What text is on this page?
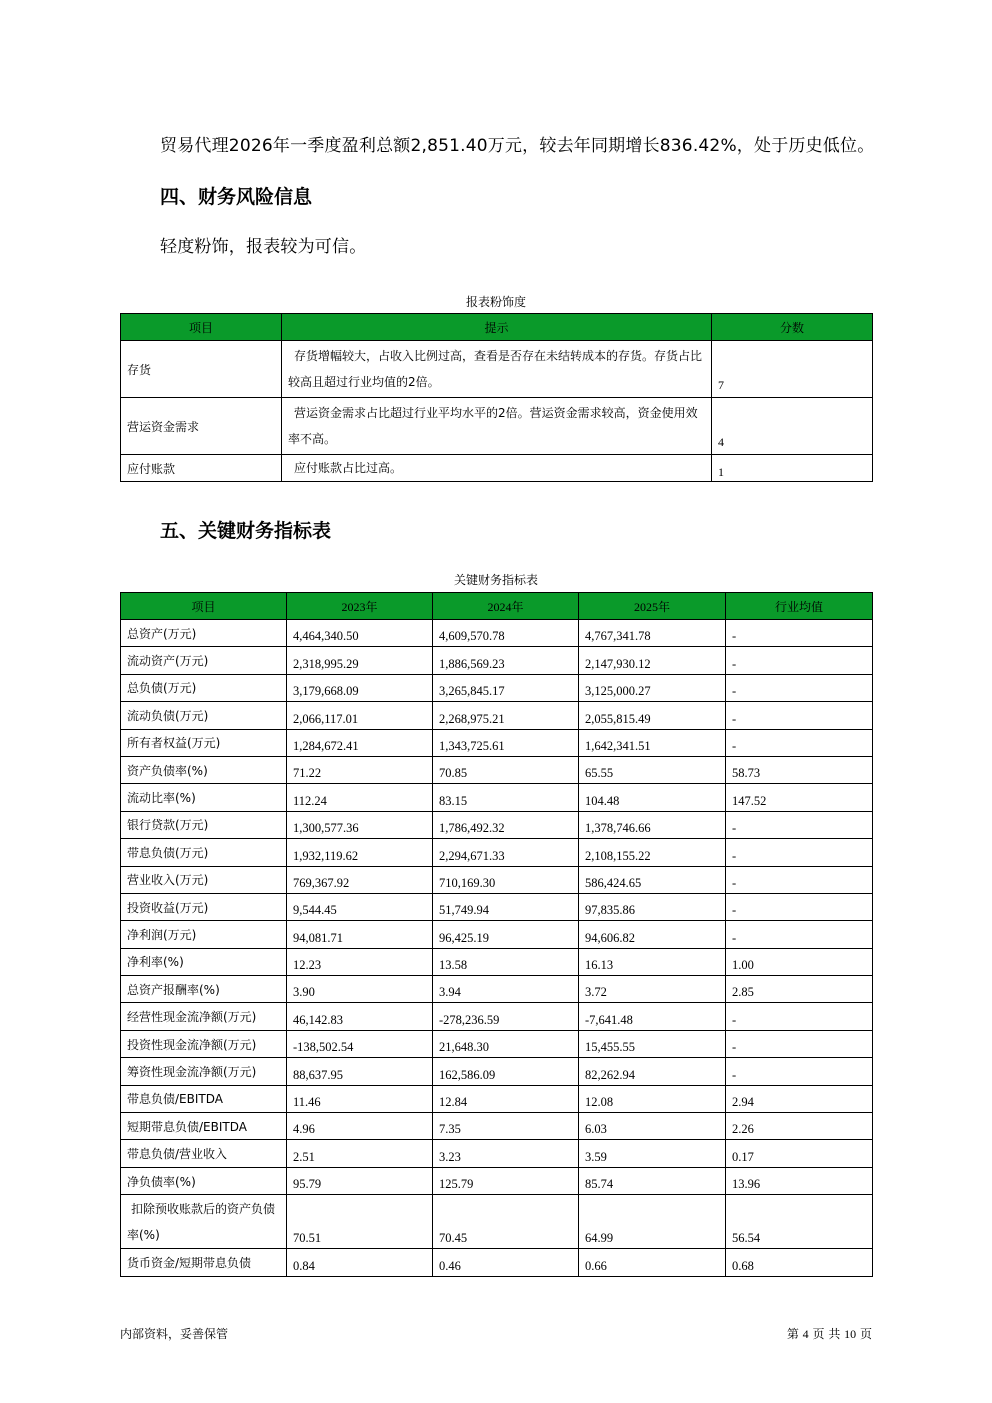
贸易代理2026年一季度盈利总额2,851.40万元，较去年同期增长836.42%，处于历史低位。
四、财务风险信息
轻度粉饰，报表较为可信。
报表粉饰度
项目	提示	分数
存货	存货增幅较大，占收入比例过高，查看是否存在未结转成本的存货。存货占比较高且超过行业均值的2倍。	7
营运资金需求	营运资金需求占比超过行业平均水平的2倍。营运资金需求较高，资金使用效率不高。	4
应付账款	应付账款占比过高。	1
五、关键财务指标表
关键财务指标表
项目	2023年	2024年	2025年	行业均值
总资产(万元)	4,464,340.50	4,609,570.78	4,767,341.78	-
流动资产(万元)	2,318,995.29	1,886,569.23	2,147,930.12	-
总负债(万元)	3,179,668.09	3,265,845.17	3,125,000.27	-
流动负债(万元)	2,066,117.01	2,268,975.21	2,055,815.49	-
所有者权益(万元)	1,284,672.41	1,343,725.61	1,642,341.51	-
资产负债率(%)	71.22	70.85	65.55	58.73
流动比率(%)	112.24	83.15	104.48	147.52
银行贷款(万元)	1,300,577.36	1,786,492.32	1,378,746.66	-
带息负债(万元)	1,932,119.62	2,294,671.33	2,108,155.22	-
营业收入(万元)	769,367.92	710,169.30	586,424.65	-
投资收益(万元)	9,544.45	51,749.94	97,835.86	-
净利润(万元)	94,081.71	96,425.19	94,606.82	-
净利率(%)	12.23	13.58	16.13	1.00
总资产报酬率(%)	3.90	3.94	3.72	2.85
经营性现金流净额(万元)	46,142.83	-278,236.59	-7,641.48	-
投资性现金流净额(万元)	-138,502.54	21,648.30	15,455.55	-
筹资性现金流净额(万元)	88,637.95	162,586.09	82,262.94	-
带息负债/EBITDA	11.46	12.84	12.08	2.94
短期带息负债/EBITDA	4.96	7.35	6.03	2.26
带息负债/营业收入	2.51	3.23	3.59	0.17
净负债率(%)	95.79	125.79	85.74	13.96
扣除预收账款后的资产负债率(%)	70.51	70.45	64.99	56.54
货币资金/短期带息负债	0.84	0.46	0.66	0.68
内部资料，妥善保管	第 4 页 共 10 页
